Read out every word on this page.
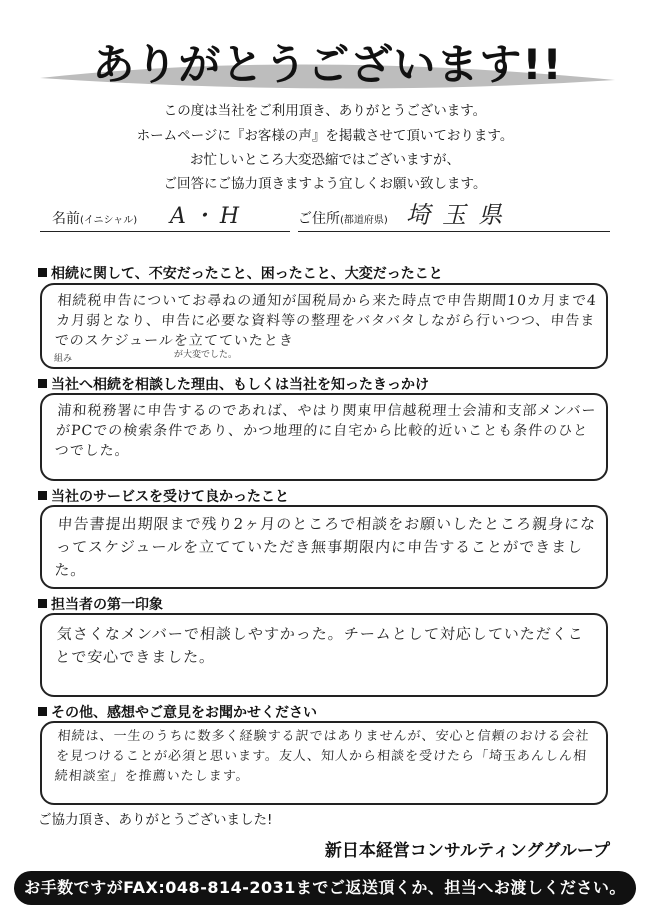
ありがとうございます!!
この度は当社をご利用頂き、ありがとうございます。
ホームページに『お客様の声』を掲載させて頂いております。
お忙しいところ大変恐縮ではございますが、
ご回答にご協力頂きますよう宜しくお願い致します。
名前(イニシャル) A・H	ご住所(都道府県) 埼玉県
相続に関して、不安だったこと、困ったこと、大変だったこと
相続税申告についてお尋ねの通知が国税局から来た時点で申告期間10カ月まで4カ月弱となり、申告に必要な資料等の整理をバタバタしながら行いつつ、申告までのスケジュールを立てていたとき
組み	が大変でした。
当社へ相続を相談した理由、もしくは当社を知ったきっかけ
浦和税務署に申告するのであれば、やはり関東甲信越税理士会浦和支部メンバーがPCでの検索条件であり、かつ地理的に自宅から比較的近いことも条件のひとつでした。
当社のサービスを受けて良かったこと
申告書提出期限まで残り2ヶ月のところで相談をお願いしたところ親身になってスケジュールを立てていただき無事期限内に申告することができました。
担当者の第一印象
気さくなメンバーで相談しやすかった。チームとして対応していただくことで安心できました。
その他、感想やご意見をお聞かせください
相続は、一生のうちに数多く経験する訳ではありませんが、安心と信頼のおける会社を見つけることが必須と思います。友人、知人から相談を受けたら「埼玉あんしん相続相談室」を推薦いたします。
ご協力頂き、ありがとうございました!
新日本経営コンサルティンググループ
お手数ですがFAX:048-814-2031までご返送頂くか、担当へお渡しください。
